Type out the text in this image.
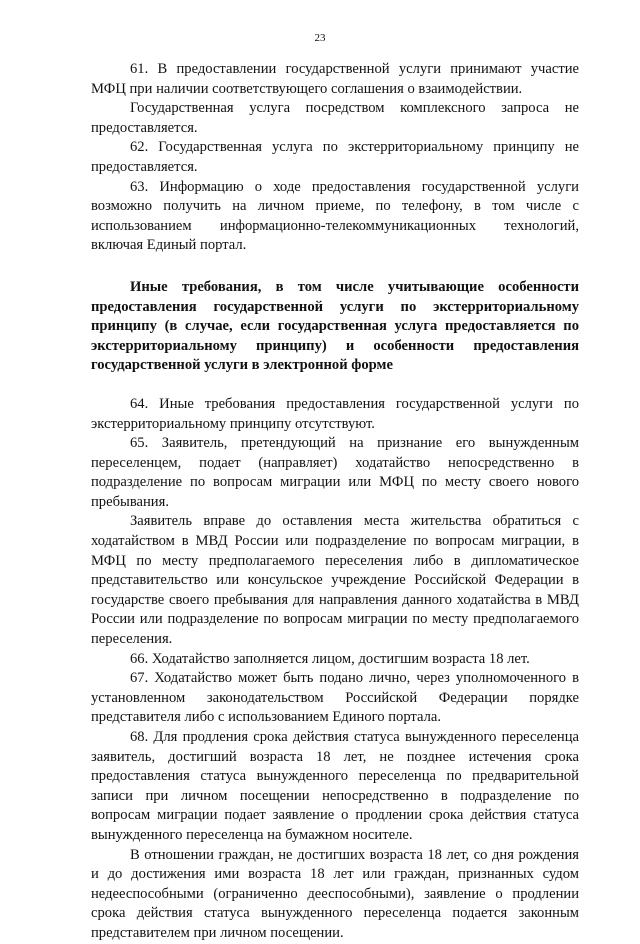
23

61. В предоставлении государственной услуги принимают участие МФЦ при наличии соответствующего соглашения о взаимодействии.

Государственная услуга посредством комплексного запроса не предоставляется.

62. Государственная услуга по экстерриториальному принципу не предоставляется.

63. Информацию о ходе предоставления государственной услуги возможно получить на личном приеме, по телефону, в том числе с использованием информационно-телекоммуникационных технологий, включая Единый портал.

Иные требования, в том числе учитывающие особенности предоставления государственной услуги по экстерриториальному принципу (в случае, если государственная услуга предоставляется по экстерриториальному принципу) и особенности предоставления государственной услуги в электронной форме

64. Иные требования предоставления государственной услуги по экстерриториальному принципу отсутствуют.

65. Заявитель, претендующий на признание его вынужденным переселенцем, подает (направляет) ходатайство непосредственно в подразделение по вопросам миграции или МФЦ по месту своего нового пребывания.

Заявитель вправе до оставления места жительства обратиться с ходатайством в МВД России или подразделение по вопросам миграции, в МФЦ по месту предполагаемого переселения либо в дипломатическое представительство или консульское учреждение Российской Федерации в государстве своего пребывания для направления данного ходатайства в МВД России или подразделение по вопросам миграции по месту предполагаемого переселения.

66. Ходатайство заполняется лицом, достигшим возраста 18 лет.

67. Ходатайство может быть подано лично, через уполномоченного в установленном законодательством Российской Федерации порядке представителя либо с использованием Единого портала.

68. Для продления срока действия статуса вынужденного переселенца заявитель, достигший возраста 18 лет, не позднее истечения срока предоставления статуса вынужденного переселенца по предварительной записи при личном посещении непосредственно в подразделение по вопросам миграции подает заявление о продлении срока действия статуса вынужденного переселенца на бумажном носителе.

В отношении граждан, не достигших возраста 18 лет, со дня рождения и до достижения ими возраста 18 лет или граждан, признанных судом недееспособными (ограниченно дееспособными), заявление о продлении срока действия статуса вынужденного переселенца подается законным представителем при личном посещении.
